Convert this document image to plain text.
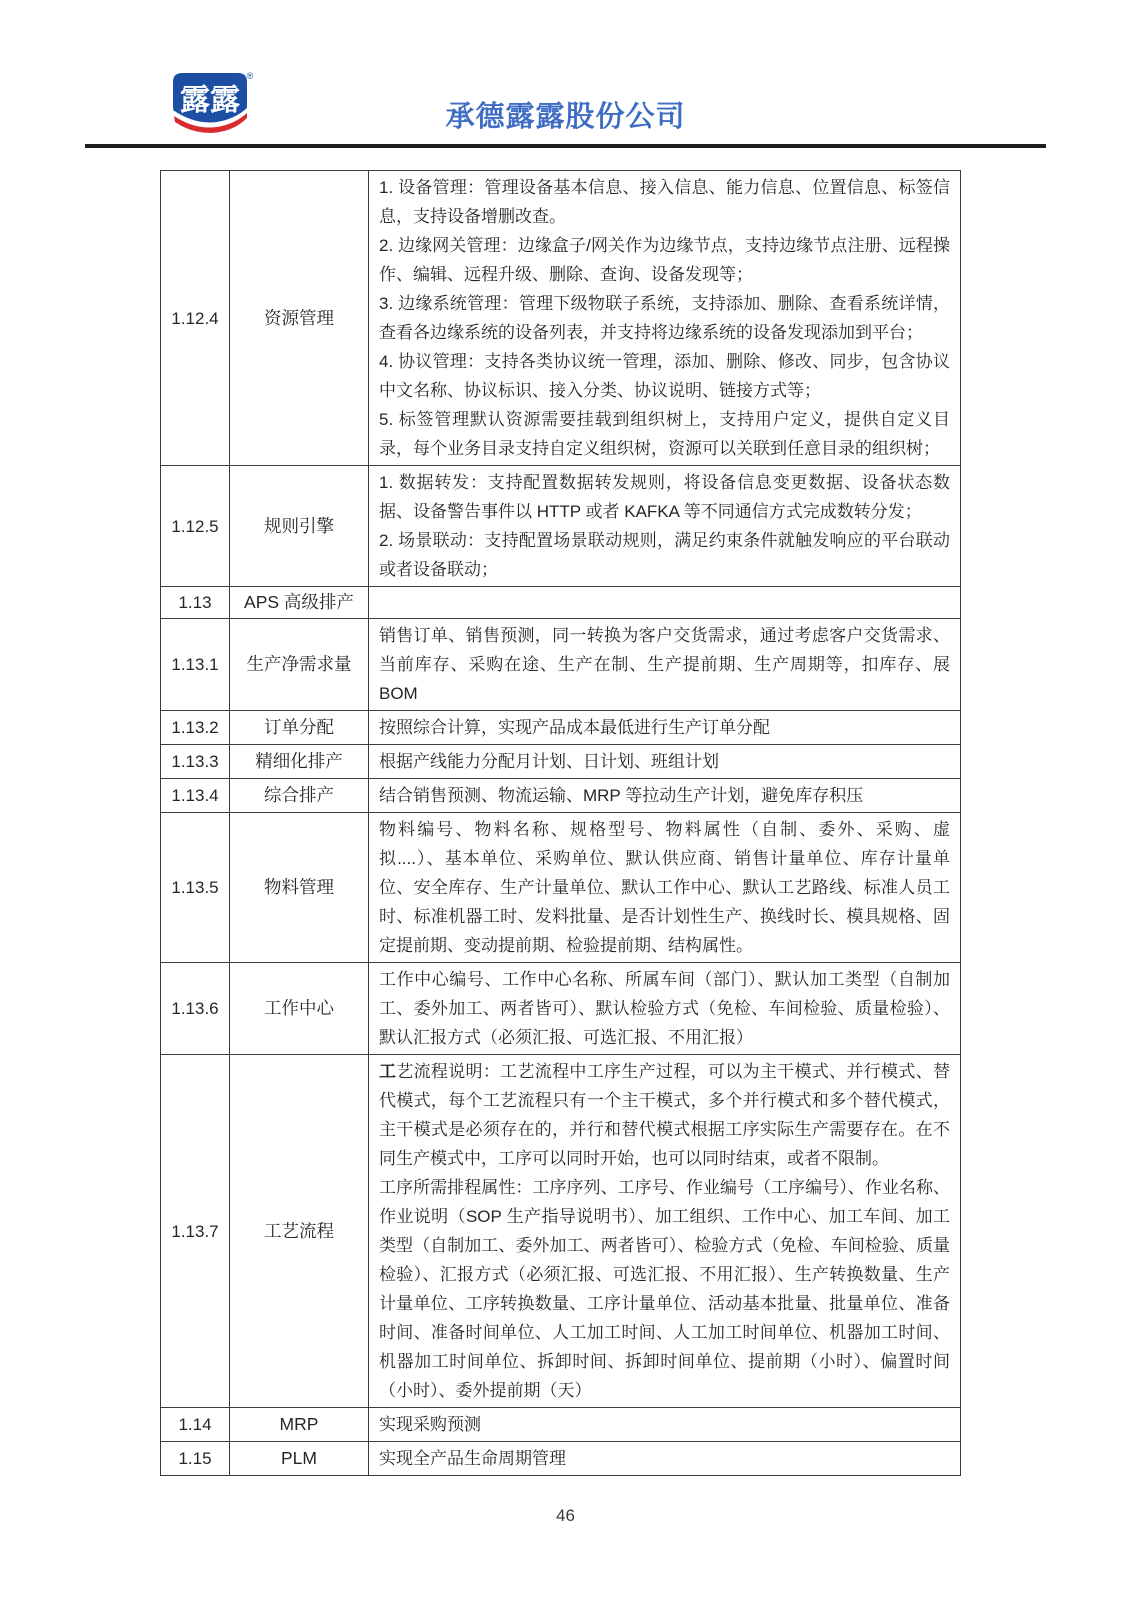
露露
®
承德露露股份公司
1.12.4	资源管理	1. 设备管理：管理设备基本信息、接入信息、能力信息、位置信息、标签信息，支持设备增删改查。

2. 边缘网关管理：边缘盒子/网关作为边缘节点，支持边缘节点注册、远程操作、编辑、远程升级、删除、查询、设备发现等；

3. 边缘系统管理：管理下级物联子系统，支持添加、删除、查看系统详情，查看各边缘系统的设备列表，并支持将边缘系统的设备发现添加到平台；

4. 协议管理：支持各类协议统一管理，添加、删除、修改、同步，包含协议中文名称、协议标识、接入分类、协议说明、链接方式等；

5. 标签管理默认资源需要挂载到组织树上，支持用户定义，提供自定义目录，每个业务目录支持自定义组织树，资源可以关联到任意目录的组织树；

1.12.5	规则引擎	1. 数据转发：支持配置数据转发规则，将设备信息变更数据、设备状态数据、设备警告事件以 HTTP 或者 KAFKA 等不同通信方式完成数转分发；

2. 场景联动：支持配置场景联动规则，满足约束条件就触发响应的平台联动或者设备联动；

1.13	APS 高级排产	
1.13.1	生产净需求量	销售订单、销售预测，同一转换为客户交货需求，通过考虑客户交货需求、当前库存、采购在途、生产在制、生产提前期、生产周期等，扣库存、展 BOM

1.13.2	订单分配	按照综合计算，实现产品成本最低进行生产订单分配

1.13.3	精细化排产	根据产线能力分配月计划、日计划、班组计划

1.13.4	综合排产	结合销售预测、物流运输、MRP 等拉动生产计划，避免库存积压

1.13.5	物料管理	物料编号、物料名称、规格型号、物料属性（自制、委外、采购、虚拟....）、基本单位、采购单位、默认供应商、销售计量单位、库存计量单位、安全库存、生产计量单位、默认工作中心、默认工艺路线、标准人员工时、标准机器工时、发料批量、是否计划性生产、换线时长、模具规格、固定提前期、变动提前期、检验提前期、结构属性。

1.13.6	工作中心	工作中心编号、工作中心名称、所属车间（部门）、默认加工类型（自制加工、委外加工、两者皆可）、默认检验方式（免检、车间检验、质量检验）、默认汇报方式（必须汇报、可选汇报、不用汇报）

1.13.7	工艺流程	工艺流程说明：工艺流程中工序生产过程，可以为主干模式、并行模式、替代模式，每个工艺流程只有一个主干模式，多个并行模式和多个替代模式，主干模式是必须存在的，并行和替代模式根据工序实际生产需要存在。在不同生产模式中，工序可以同时开始，也可以同时结束，或者不限制。

工序所需排程属性：工序序列、工序号、作业编号（工序编号）、作业名称、作业说明（SOP 生产指导说明书）、加工组织、工作中心、加工车间、加工类型（自制加工、委外加工、两者皆可）、检验方式（免检、车间检验、质量检验）、汇报方式（必须汇报、可选汇报、不用汇报）、生产转换数量、生产计量单位、工序转换数量、工序计量单位、活动基本批量、批量单位、准备时间、准备时间单位、人工加工时间、人工加工时间单位、机器加工时间、机器加工时间单位、拆卸时间、拆卸时间单位、提前期（小时）、偏置时间（小时）、委外提前期（天）

1.14	MRP	实现采购预测

1.15	PLM	实现全产品生命周期管理

46
